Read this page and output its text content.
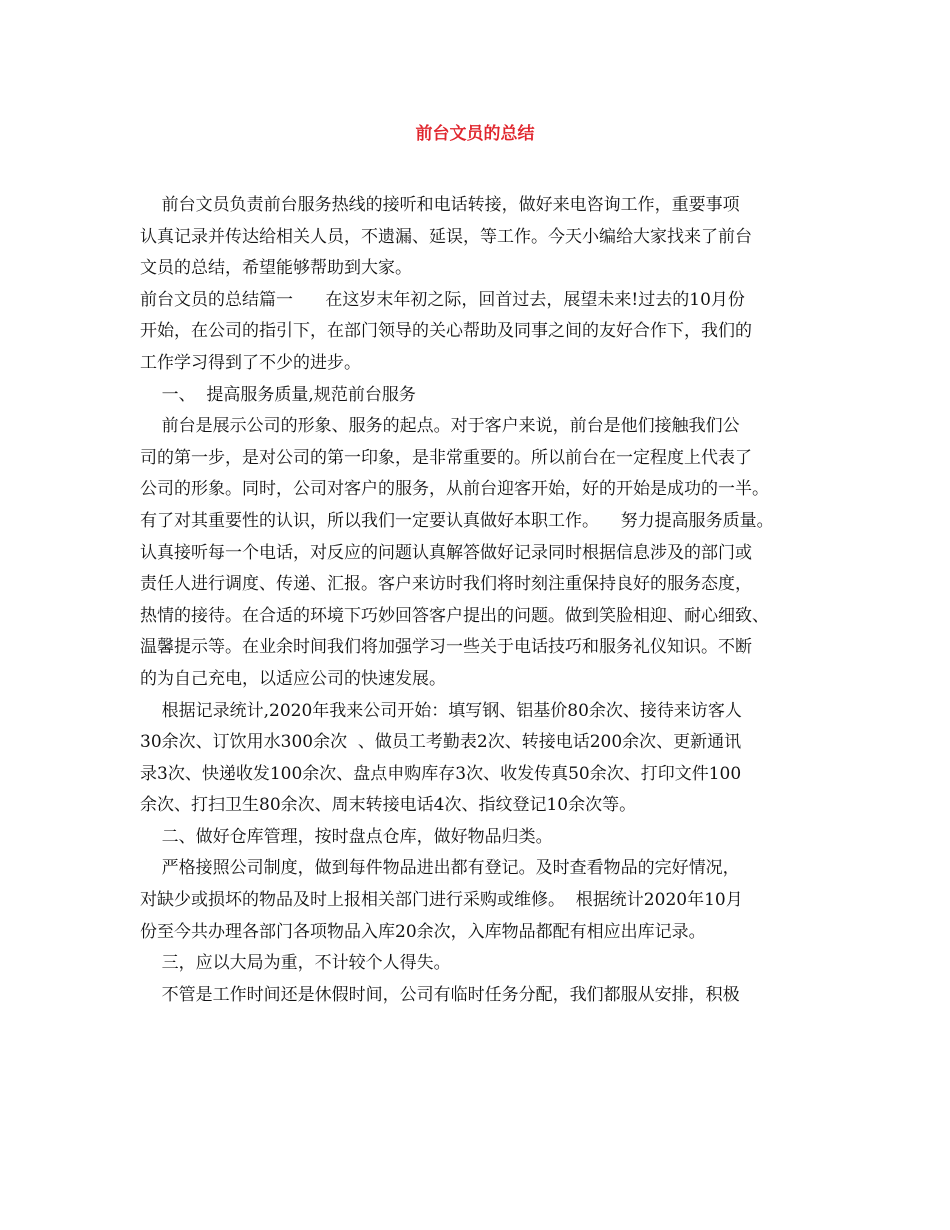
前台文员的总结
前台文员负责前台服务热线的接听和电话转接，做好来电咨询工作，重要事项
认真记录并传达给相关人员，不遗漏、延误，等工作。今天小编给大家找来了前台
文员的总结，希望能够帮助到大家。
前台文员的总结篇一      在这岁末年初之际，回首过去，展望未来!过去的10月份
开始，在公司的指引下，在部门领导的关心帮助及同事之间的友好合作下，我们的
工作学习得到了不少的进步。
一、  提高服务质量,规范前台服务
前台是展示公司的形象、服务的起点。对于客户来说，前台是他们接触我们公
司的第一步，是对公司的第一印象，是非常重要的。所以前台在一定程度上代表了
公司的形象。同时，公司对客户的服务，从前台迎客开始，好的开始是成功的一半。
有了对其重要性的认识，所以我们一定要认真做好本职工作。    努力提高服务质量。
认真接听每一个电话，对反应的问题认真解答做好记录同时根据信息涉及的部门或
责任人进行调度、传递、汇报。客户来访时我们将时刻注重保持良好的服务态度，
热情的接待。在合适的环境下巧妙回答客户提出的问题。做到笑脸相迎、耐心细致、
温馨提示等。在业余时间我们将加强学习一些关于电话技巧和服务礼仪知识。不断
的为自己充电，以适应公司的快速发展。
根据记录统计,2020年我来公司开始：填写钢、铝基价80余次、接待来访客人
30余次、订饮用水300余次  、做员工考勤表2次、转接电话200余次、更新通讯
录3次、快递收发100余次、盘点申购库存3次、收发传真50余次、打印文件100
余次、打扫卫生80余次、周末转接电话4次、指纹登记10余次等。
二、做好仓库管理，按时盘点仓库，做好物品归类。
严格接照公司制度，做到每件物品进出都有登记。及时查看物品的完好情况，
对缺少或损坏的物品及时上报相关部门进行采购或维修。  根据统计2020年10月
份至今共办理各部门各项物品入库20余次，入库物品都配有相应出库记录。
三，应以大局为重，不计较个人得失。
不管是工作时间还是休假时间，公司有临时任务分配，我们都服从安排，积极
